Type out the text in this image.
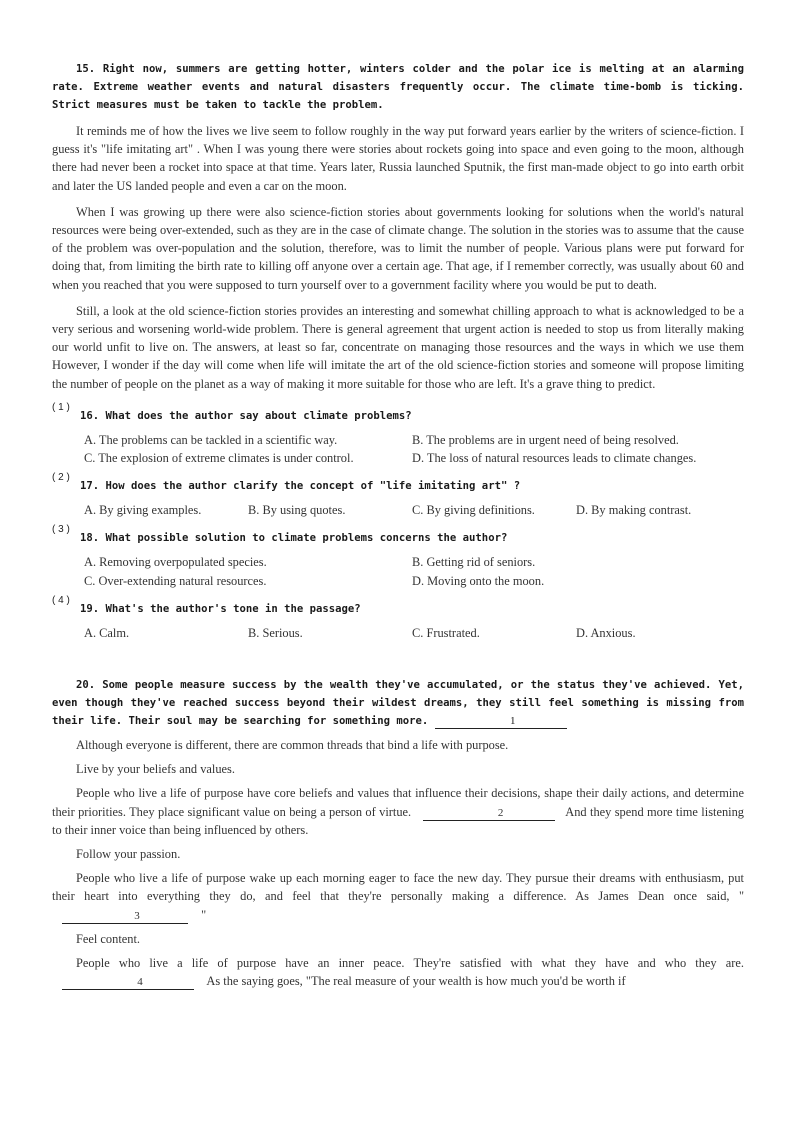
15. Right now, summers are getting hotter, winters colder and the polar ice is melting at an alarming rate. Extreme weather events and natural disasters frequently occur. The climate time-bomb is ticking. Strict measures must be taken to tackle the problem.

It reminds me of how the lives we live seem to follow roughly in the way put forward years earlier by the writers of science-fiction. I guess it's "life imitating art" . When I was young there were stories about rockets going into space and even going to the moon, although there had never been a rocket into space at that time. Years later, Russia launched Sputnik, the first man-made object to go into earth orbit and later the US landed people and even a car on the moon.

When I was growing up there were also science-fiction stories about governments looking for solutions when the world's natural resources were being over-extended, such as they are in the case of climate change. The solution in the stories was to assume that the cause of the problem was over-population and the solution, therefore, was to limit the number of people. Various plans were put forward for doing that, from limiting the birth rate to killing off anyone over a certain age. That age, if I remember correctly, was usually about 60 and when you reached that you were supposed to turn yourself over to a government facility where you would be put to death.

Still, a look at the old science-fiction stories provides an interesting and somewhat chilling approach to what is acknowledged to be a very serious and worsening world-wide problem. There is general agreement that urgent action is needed to stop us from literally making our world unfit to live on. The answers, at least so far, concentrate on managing those resources and the ways in which we use them However, I wonder if the day will come when life will imitate the art of the old science-fiction stories and someone will propose limiting the number of people on the planet as a way of making it more suitable for those who are left. It's a grave thing to predict.

( 1 )

16. What does the author say about climate problems?

A. The problems can be tackled in a scientific way.	B. The problems are in urgent need of being resolved.
C. The explosion of extreme climates is under control.	D. The loss of natural resources leads to climate changes.
( 2 )

17. How does the author clarify the concept of "life imitating art" ?

A. By giving examples.	B. By using quotes.	C. By giving definitions.	D. By making contrast.
( 3 )

18. What possible solution to climate problems concerns the author?

A. Removing overpopulated species.	B. Getting rid of seniors.
C. Over-extending natural resources.	D. Moving onto the moon.
( 4 )

19. What's the author's tone in the passage?

A. Calm.	B. Serious.	C. Frustrated.	D. Anxious.

20. Some people measure success by the wealth they've accumulated, or the status they've achieved. Yet, even though they've reached success beyond their wildest dreams, they still feel something is missing from their life. Their soul may be searching for something more.	1

Although everyone is different, there are common threads that bind a life with purpose.

Live by your beliefs and values.

People who live a life of purpose have core beliefs and values that influence their decisions, shape their daily actions, and determine their priorities. They place significant value on being a person of virtue.	2	And they spend more time listening to their inner voice than being influenced by others.

Follow your passion.

People who live a life of purpose wake up each morning eager to face the new day. They pursue their dreams with enthusiasm, put their heart into everything they do, and feel that they're personally making a difference. As James Dean once said, " 3	"

Feel content.

People who live a life of purpose have an inner peace. They're satisfied with what they have and who they are. 4	As the saying goes, "The real measure of your wealth is how much you'd be worth if
